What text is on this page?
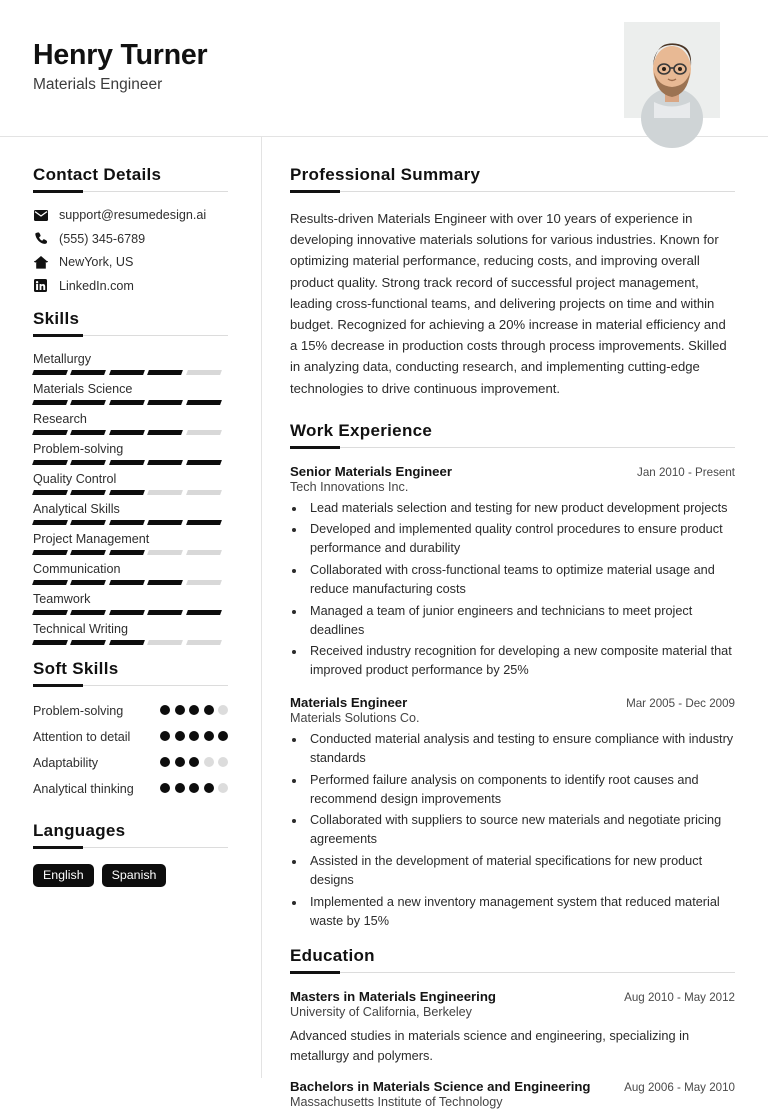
Henry Turner
Materials Engineer
Contact Details
support@resumedesign.ai
(555) 345-6789
NewYork, US
LinkedIn.com
Skills
Metallurgy
Materials Science
Research
Problem-solving
Quality Control
Analytical Skills
Project Management
Communication
Teamwork
Technical Writing
Soft Skills
Problem-solving
Attention to detail
Adaptability
Analytical thinking
Languages
English	Spanish
Professional Summary

Results-driven Materials Engineer with over 10 years of experience in developing innovative materials solutions for various industries. Known for optimizing material performance, reducing costs, and improving overall product quality. Strong track record of successful project management, leading cross-functional teams, and delivering projects on time and within budget. Recognized for achieving a 20% increase in material efficiency and a 15% decrease in production costs through process improvements. Skilled in analyzing data, conducting research, and implementing cutting-edge technologies to drive continuous improvement.

Work Experience
Senior Materials Engineer	Jan 2010 - Present
Tech Innovations Inc.
• Lead materials selection and testing for new product development projects
• Developed and implemented quality control procedures to ensure product performance and durability
• Collaborated with cross-functional teams to optimize material usage and reduce manufacturing costs
• Managed a team of junior engineers and technicians to meet project deadlines
• Received industry recognition for developing a new composite material that improved product performance by 25%
Materials Engineer	Mar 2005 - Dec 2009
Materials Solutions Co.
• Conducted material analysis and testing to ensure compliance with industry standards
• Performed failure analysis on components to identify root causes and recommend design improvements
• Collaborated with suppliers to source new materials and negotiate pricing agreements
• Assisted in the development of material specifications for new product designs
• Implemented a new inventory management system that reduced material waste by 15%
Education
Masters in Materials Engineering	Aug 2010 - May 2012
University of California, Berkeley
Advanced studies in materials science and engineering, specializing in metallurgy and polymers.
Bachelors in Materials Science and Engineering	Aug 2006 - May 2010
Massachusetts Institute of Technology
